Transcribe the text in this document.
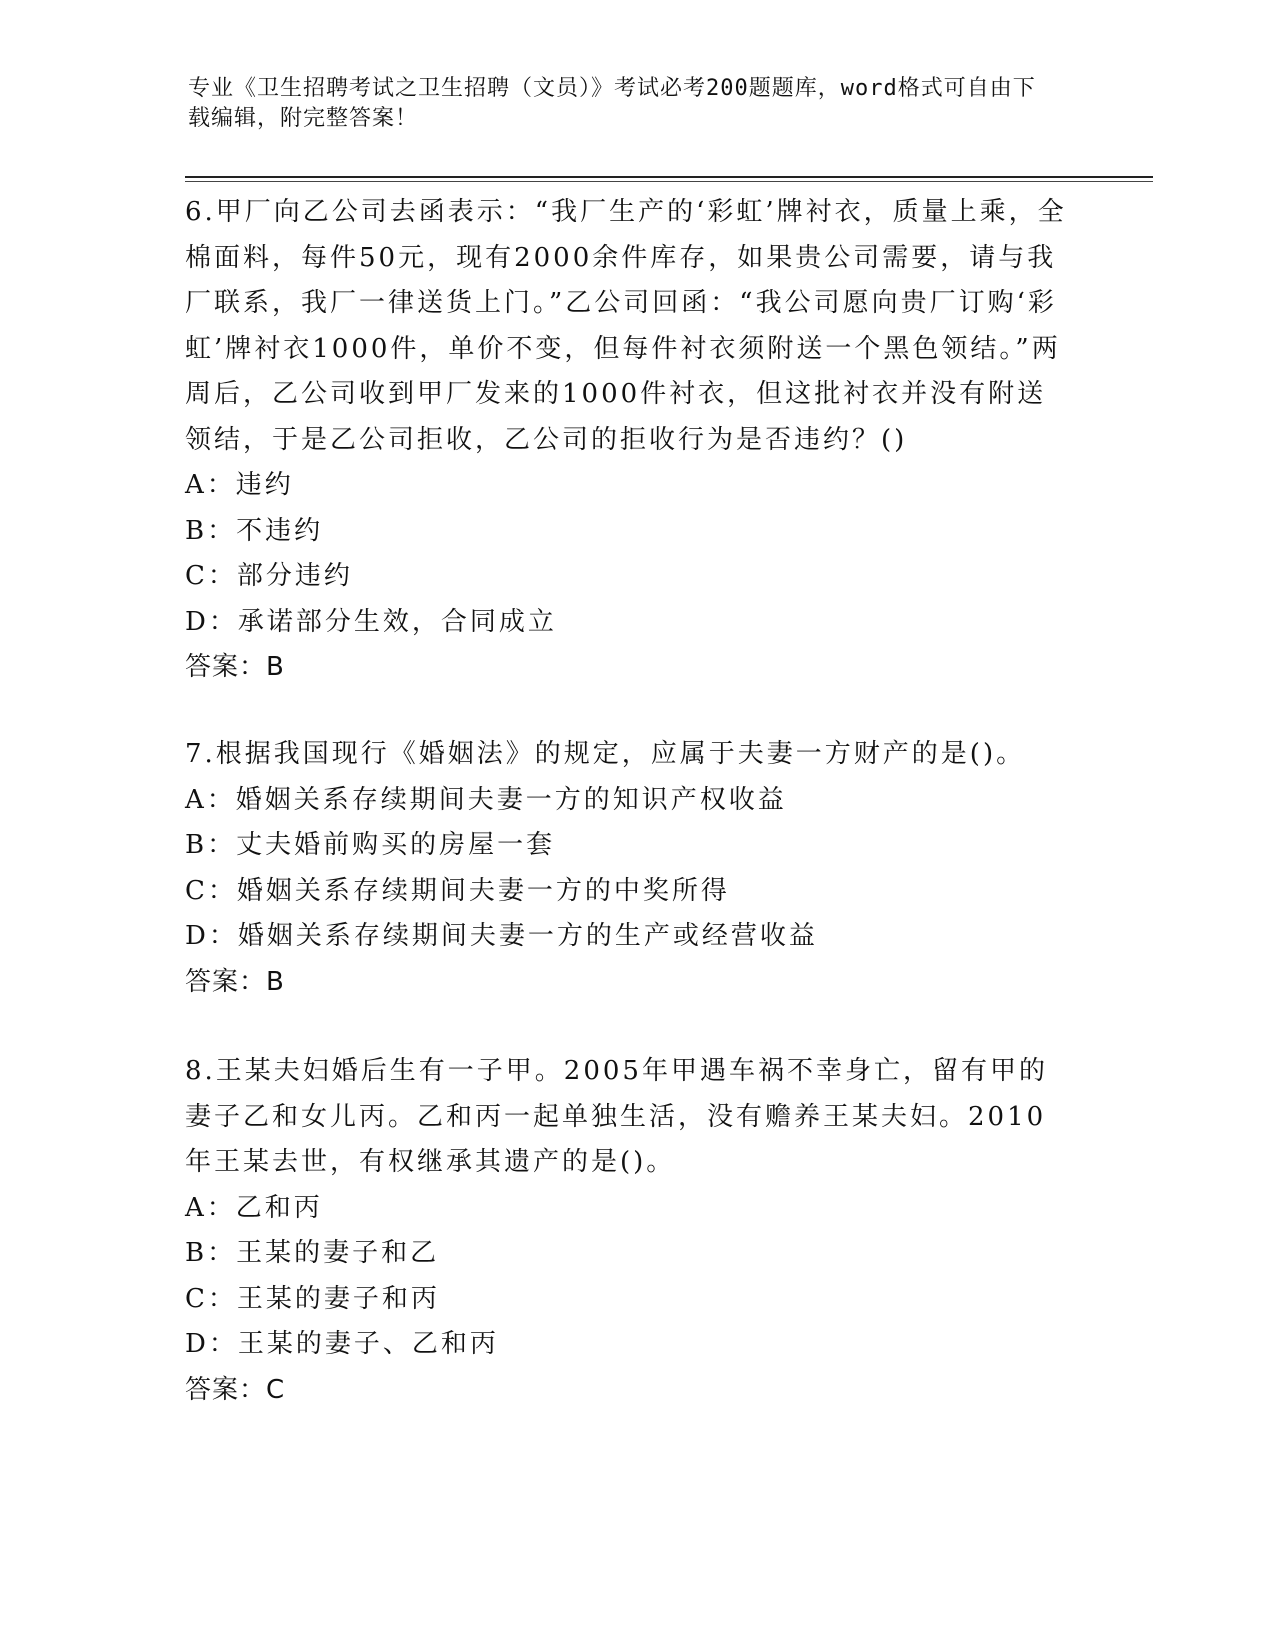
专业《卫生招聘考试之卫生招聘（文员）》考试必考200题题库，word格式可自由下载编辑，附完整答案！

6.甲厂向乙公司去函表示：“我厂生产的‘彩虹’牌衬衣，质量上乘，全棉面料，每件50元，现有2000余件库存，如果贵公司需要，请与我厂联系，我厂一律送货上门。”乙公司回函：“我公司愿向贵厂订购‘彩虹’牌衬衣1000件，单价不变，但每件衬衣须附送一个黑色领结。”两周后，乙公司收到甲厂发来的1000件衬衣，但这批衬衣并没有附送领结，于是乙公司拒收，乙公司的拒收行为是否违约？()

A：违约

B：不违约

C：部分违约

D：承诺部分生效，合同成立

答案：B

7.根据我国现行《婚姻法》的规定，应属于夫妻一方财产的是()。

A：婚姻关系存续期间夫妻一方的知识产权收益

B：丈夫婚前购买的房屋一套

C：婚姻关系存续期间夫妻一方的中奖所得

D：婚姻关系存续期间夫妻一方的生产或经营收益

答案：B

8.王某夫妇婚后生有一子甲。2005年甲遇车祸不幸身亡，留有甲的妻子乙和女儿丙。乙和丙一起单独生活，没有赡养王某夫妇。2010年王某去世，有权继承其遗产的是()。

A：乙和丙

B：王某的妻子和乙

C：王某的妻子和丙

D：王某的妻子、乙和丙

答案：C
